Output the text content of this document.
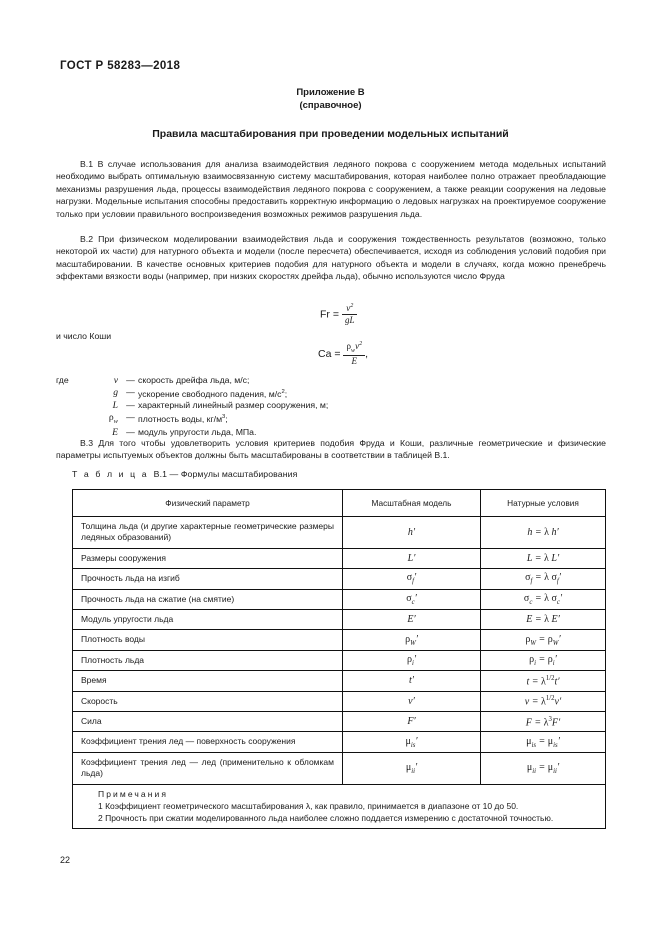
ГОСТ Р 58283—2018
Приложение В
(справочное)
Правила масштабирования при проведении модельных испытаний

В.1 В случае использования для анализа взаимодействия ледяного покрова с сооружением метода модельных испытаний необходимо выбрать оптимальную взаимосвязанную систему масштабирования, которая наиболее полно отражает преобладающие механизмы разрушения льда, процессы взаимодействия ледяного покрова с сооружением, а также реакции сооружения на ледовые нагрузки. Модельные испытания способны предоставить корректную информацию о ледовых нагрузках на проектируемое сооружение только при условии правильного воспроизведения возможных режимов разрушения льда.

В.2 При физическом моделировании взаимодействия льда и сооружения тождественность результатов (возможно, только некоторой их части) для натурного объекта и модели (после пересчета) обеспечивается, исходя из соблюдения условий подобия при масштабировании. В качестве основных критериев подобия для натурного объекта и модели в случаях, когда можно пренебречь эффектами вязкости воды (например, при низких скоростях дрейфа льда), обычно используются число Фруда

$Fr = \frac{v^2}{gL}$
и число Коши
$Ca = \frac{\rho_wv^2}{E}$ ,
где	v	—	скорость дрейфа льда, м/с;
	g	—	ускорение свободного падения, $м/с^2$;
	L	—	характерный линейный размер сооружения, м;
	$\rho_w$	—	плотность воды, $кг/м^3$;
	E	—	модуль упругости льда, МПа.

В.3 Для того чтобы удовлетворить условия критериев подобия Фруда и Коши, различные геометрические и физические параметры испытуемых объектов должны быть масштабированы в соответствии в таблицей В.1.

Т а б л и ц а В.1 — Формулы масштабирования
Физический параметр	Масштабная модель	Натурные условия
Толщина льда (и другие характерные геометрические размеры ледяных образований)	h′	h = λ h′
Размеры сооружения	L′	L = λ L′
Прочность льда на изгиб	$\sigma_f'$	$\sigma_f = \lambda$ $\sigma_f'$
Прочность льда на сжатие (на смятие)	$\sigma_c'$	$\sigma_c = \lambda$ $\sigma_c'$
Модуль упругости льда	E′	E = λ E′
Плотность воды	$\rho_W'$	$\rho_W = \rho_W'$
Плотность льда	$\rho_i'$	$\rho_i = \rho_i'$
Время	t′	$t = \lambda^{1/2}t'$
Скорость	v′	$v = \lambda^{1/2}v'$
Сила	F′	$F = \lambda^3F'$
Коэффициент трения лед — поверхность сооружения	$\mu_{is}'$	$\mu_{is} = \mu_{is}'$
Коэффициент трения лед — лед (применительно к обломкам льда)	$\mu_{ii}'$	$\mu_{ii} = \mu_{ii}'$

Примечания
1 Коэффициент геометрического масштабирования λ, как правило, принимается в диапазоне от 10 до 50.
2 Прочность при сжатии моделированного льда наиболее сложно поддается измерению с достаточной точностью.		
22
